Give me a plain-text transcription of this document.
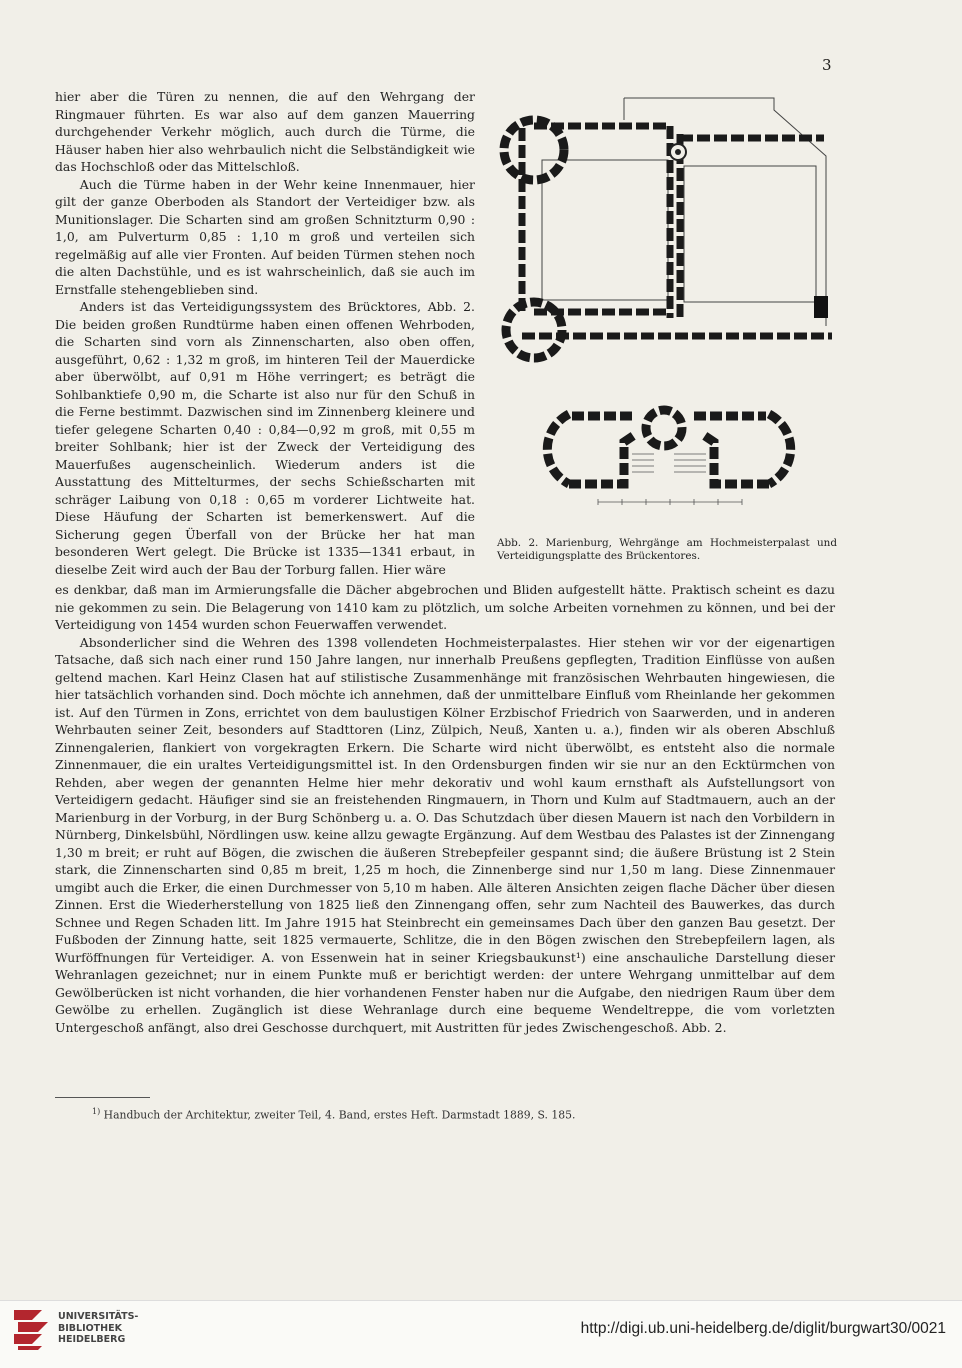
3

hier aber die Türen zu nennen, die auf den Wehrgang der Ringmauer führten. Es war also auf dem ganzen Mauerring durchgehender Verkehr möglich, auch durch die Türme, die Häuser haben hier also wehrbaulich nicht die Selbständigkeit wie das Hochschloß oder das Mittelschloß.

Auch die Türme haben in der Wehr keine Innenmauer, hier gilt der ganze Oberboden als Standort der Verteidiger bzw. als Munitionslager. Die Scharten sind am großen Schnitzturm 0,90 : 1,0, am Pulverturm 0,85 : 1,10 m groß und verteilen sich regelmäßig auf alle vier Fronten. Auf beiden Türmen stehen noch die alten Dachstühle, und es ist wahrscheinlich, daß sie auch im Ernstfalle stehengeblieben sind.

Anders ist das Verteidigungssystem des Brücktores, Abb. 2. Die beiden großen Rundtürme haben einen offenen Wehrboden, die Scharten sind vorn als Zinnenscharten, also oben offen, ausgeführt, 0,62 : 1,32 m groß, im hinteren Teil der Mauerdicke aber überwölbt, auf 0,91 m Höhe verringert; es beträgt die Sohlbanktiefe 0,90 m, die Scharte ist also nur für den Schuß in die Ferne bestimmt. Dazwischen sind im Zinnenberg kleinere und tiefer gelegene Scharten 0,40 : 0,84—0,92 m groß, mit 0,55 m breiter Sohlbank; hier ist der Zweck der Verteidigung des Mauerfußes augenscheinlich. Wiederum anders ist die Ausstattung des Mittelturmes, der sechs Schießscharten mit schräger Laibung von 0,18 : 0,65 m vorderer Lichtweite hat. Diese Häufung der Scharten ist bemerkenswert. Auf die Sicherung gegen Überfall von der Brücke her hat man besonderen Wert gelegt. Die Brücke ist 1335—1341 erbaut, in dieselbe Zeit wird auch der Bau der Torburg fallen. Hier wäre

Abb. 2. Marienburg, Wehrgänge am Hochmeisterpalast und Verteidigungsplatte des Brückentores.

es denkbar, daß man im Armierungsfalle die Dächer abgebrochen und Bliden aufgestellt hätte. Praktisch scheint es dazu nie gekommen zu sein. Die Belagerung von 1410 kam zu plötzlich, um solche Arbeiten vornehmen zu können, und bei der Verteidigung von 1454 wurden schon Feuerwaffen verwendet.

Absonderlicher sind die Wehren des 1398 vollendeten Hochmeisterpalastes. Hier stehen wir vor der eigenartigen Tatsache, daß sich nach einer rund 150 Jahre langen, nur innerhalb Preußens gepflegten, Tradition Einflüsse von außen geltend machen. Karl Heinz Clasen hat auf stilistische Zusammenhänge mit französischen Wehrbauten hingewiesen, die hier tatsächlich vorhanden sind. Doch möchte ich annehmen, daß der unmittelbare Einfluß vom Rheinlande her gekommen ist. Auf den Türmen in Zons, errichtet von dem baulustigen Kölner Erzbischof Friedrich von Saarwerden, und in anderen Wehrbauten seiner Zeit, besonders auf Stadttoren (Linz, Zülpich, Neuß, Xanten u. a.), finden wir als oberen Abschluß Zinnengalerien, flankiert von vorgekragten Erkern. Die Scharte wird nicht überwölbt, es entsteht also die normale Zinnenmauer, die ein uraltes Verteidigungsmittel ist. In den Ordensburgen finden wir sie nur an den Ecktürmchen von Rehden, aber wegen der genannten Helme hier mehr dekorativ und wohl kaum ernsthaft als Aufstellungsort von Verteidigern gedacht. Häufiger sind sie an freistehenden Ringmauern, in Thorn und Kulm auf Stadtmauern, auch an der Marienburg in der Vorburg, in der Burg Schönberg u. a. O. Das Schutzdach über diesen Mauern ist nach den Vorbildern in Nürnberg, Dinkelsbühl, Nördlingen usw. keine allzu gewagte Ergänzung. Auf dem Westbau des Palastes ist der Zinnengang 1,30 m breit; er ruht auf Bögen, die zwischen die äußeren Strebepfeiler gespannt sind; die äußere Brüstung ist 2 Stein stark, die Zinnenscharten sind 0,85 m breit, 1,25 m hoch, die Zinnenberge sind nur 1,50 m lang. Diese Zinnenmauer umgibt auch die Erker, die einen Durchmesser von 5,10 m haben. Alle älteren Ansichten zeigen flache Dächer über diesen Zinnen. Erst die Wiederherstellung von 1825 ließ den Zinnengang offen, sehr zum Nachteil des Bauwerkes, das durch Schnee und Regen Schaden litt. Im Jahre 1915 hat Steinbrecht ein gemeinsames Dach über den ganzen Bau gesetzt. Der Fußboden der Zinnung hatte, seit 1825 vermauerte, Schlitze, die in den Bögen zwischen den Strebepfeilern lagen, als Wurföffnungen für Verteidiger. A. von Essenwein hat in seiner Kriegsbaukunst¹) eine anschauliche Darstellung dieser Wehranlagen gezeichnet; nur in einem Punkte muß er berichtigt werden: der untere Wehrgang unmittelbar auf dem Gewölberücken ist nicht vorhanden, die hier vorhandenen Fenster haben nur die Aufgabe, den niedrigen Raum über dem Gewölbe zu erhellen. Zugänglich ist diese Wehranlage durch eine bequeme Wendeltreppe, die vom vorletzten Untergeschoß anfängt, also drei Geschosse durchquert, mit Austritten für jedes Zwischengeschoß. Abb. 2.

$^{1)}$ Handbuch der Architektur, zweiter Teil, 4. Band, erstes Heft. Darmstadt 1889, S. 185.
UNIVERSITÄTS-
BIBLIOTHEK
HEIDELBERG
http://digi.ub.uni-heidelberg.de/diglit/burgwart30/0021
